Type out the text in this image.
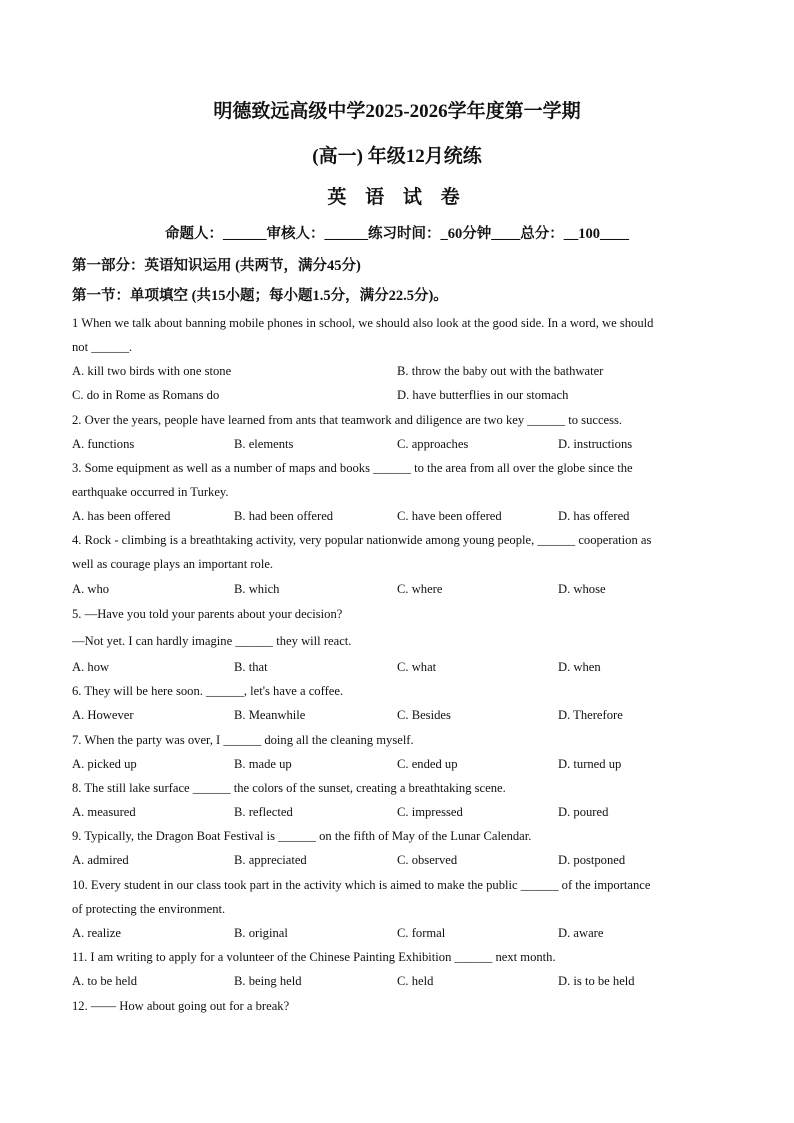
明德致远高级中学2025-2026学年度第一学期
(高一) 年级12月统练
英 语 试 卷
命题人：______审核人：______练习时间：_60分钟____总分：__100____
第一部分：英语知识运用 (共两节，满分45分)
第一节：单项填空 (共15小题；每小题1.5分，满分22.5分)。
1 When we talk about banning mobile phones in school, we should also look at the good side. In a word, we should
not ______.
A. kill two birds with one stone	B. throw the baby out with the bathwater
C. do in Rome as Romans do	D. have butterflies in our stomach
2. Over the years, people have learned from ants that teamwork and diligence are two key ______ to success.
A. functions	B. elements	C. approaches	D. instructions
3. Some equipment as well as a number of maps and books ______ to the area from all over the globe since the
earthquake occurred in Turkey.
A. has been offered	B. had been offered	C. have been offered	D. has offered
4. Rock - climbing is a breathtaking activity, very popular nationwide among young people, ______ cooperation as
well as courage plays an important role.
A. who	B. which	C. where	D. whose
5. —Have you told your parents about your decision?
—Not yet. I can hardly imagine ______ they will react.
A. how	B. that	C. what	D. when
6. They will be here soon. ______, let's have a coffee.
A. However	B. Meanwhile	C. Besides	D. Therefore
7. When the party was over, I ______ doing all the cleaning myself.
A. picked up	B. made up	C. ended up	D. turned up
8. The still lake surface ______ the colors of the sunset, creating a breathtaking scene.
A. measured	B. reflected	C. impressed	D. poured
9. Typically, the Dragon Boat Festival is ______ on the fifth of May of the Lunar Calendar.
A. admired	B. appreciated	C. observed	D. postponed
10. Every student in our class took part in the activity which is aimed to make the public ______ of the importance
of protecting the environment.
A. realize	B. original	C. formal	D. aware
11. I am writing to apply for a volunteer of the Chinese Painting Exhibition ______ next month.
A. to be held	B. being held	C. held	D. is to be held
12. —— How about going out for a break?
